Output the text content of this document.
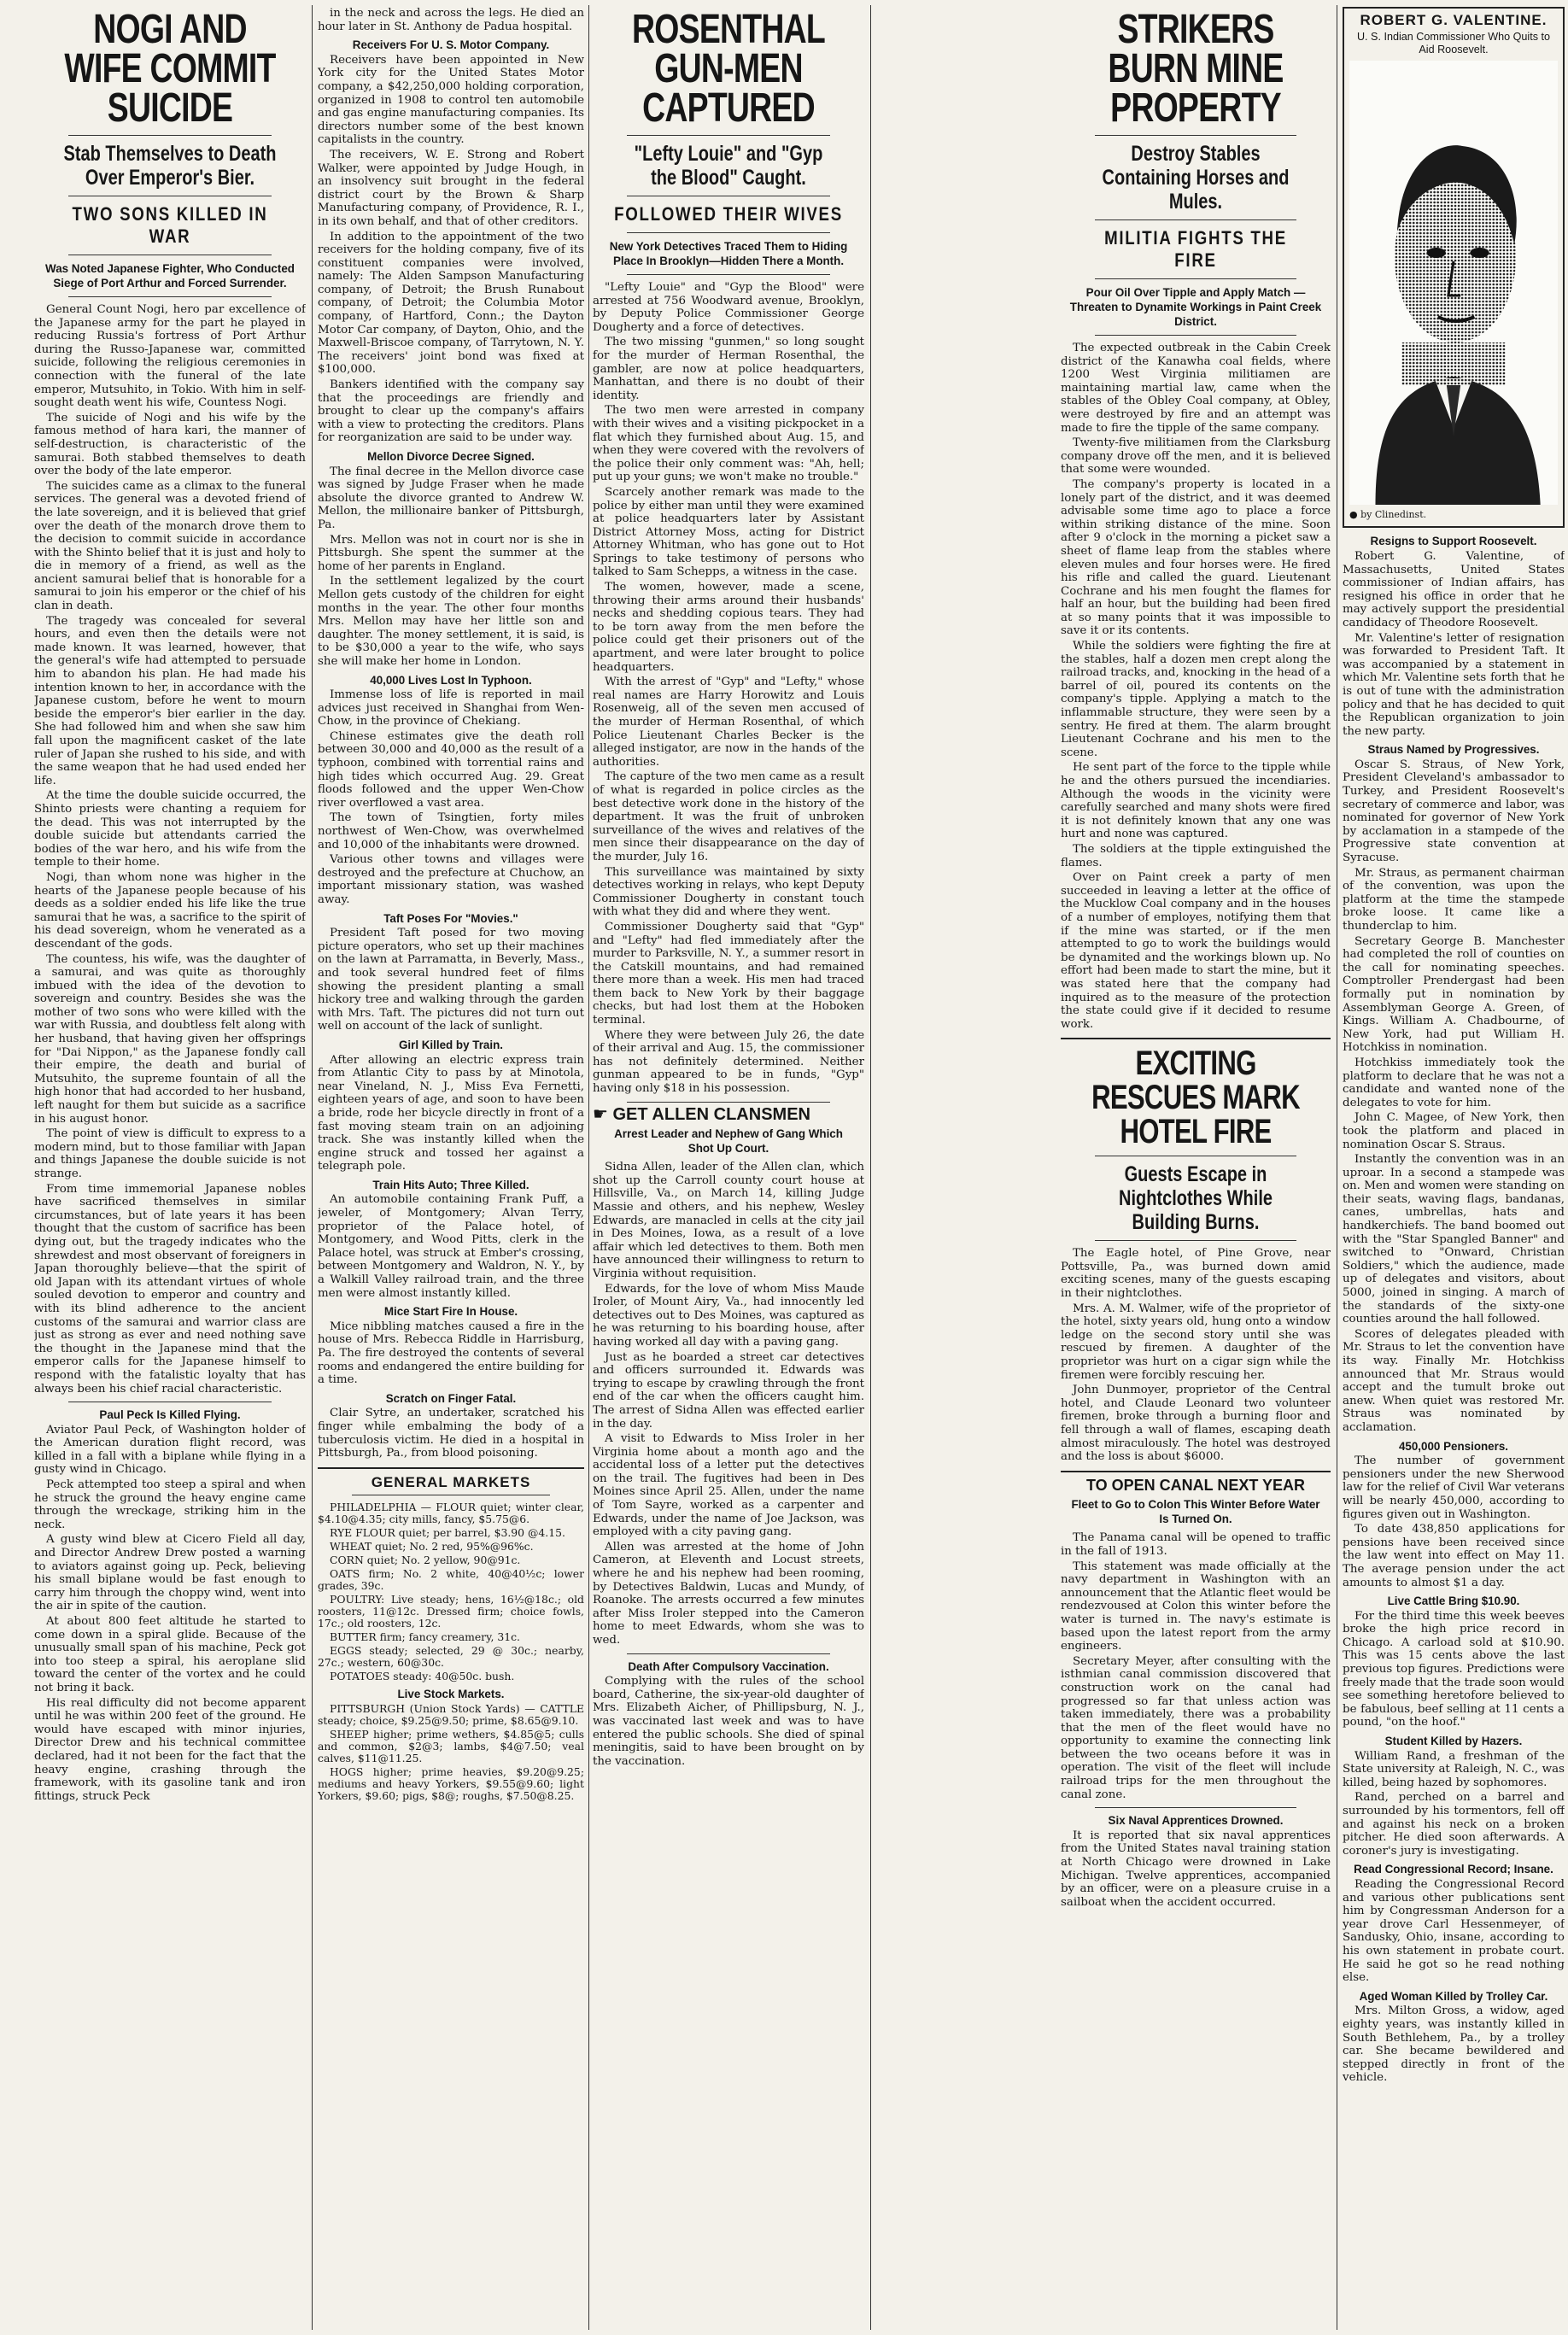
NOGI AND WIFE COMMIT SUICIDE
Stab Themselves to Death Over Emperor's Bier.
TWO SONS KILLED IN WAR
Was Noted Japanese Fighter, Who Conducted Siege of Port Arthur and Forced Surrender.

General Count Nogi, hero par excellence of the Japanese army for the part he played in reducing Russia's fortress of Port Arthur during the Russo-Japanese war, committed suicide, following the religious ceremonies in connection with the funeral of the late emperor, Mutsuhito, in Tokio. With him in self-sought death went his wife, Countess Nogi.

The suicide of Nogi and his wife by the famous method of hara kari, the manner of self-destruction, is characteristic of the samurai. Both stabbed themselves to death over the body of the late emperor.

The suicides came as a climax to the funeral services. The general was a devoted friend of the late sovereign, and it is believed that grief over the death of the monarch drove them to the decision to commit suicide in accordance with the Shinto belief that it is just and holy to die in memory of a friend, as well as the ancient samurai belief that is honorable for a samurai to join his emperor or the chief of his clan in death.

The tragedy was concealed for several hours, and even then the details were not made known. It was learned, however, that the general's wife had attempted to persuade him to abandon his plan. He had made his intention known to her, in accordance with the Japanese custom, before he went to mourn beside the emperor's bier earlier in the day. She had followed him and when she saw him fall upon the magnificent casket of the late ruler of Japan she rushed to his side, and with the same weapon that he had used ended her life.

At the time the double suicide occurred, the Shinto priests were chanting a requiem for the dead. This was not interrupted by the double suicide but attendants carried the bodies of the war hero, and his wife from the temple to their home.

Nogi, than whom none was higher in the hearts of the Japanese people because of his deeds as a soldier ended his life like the true samurai that he was, a sacrifice to the spirit of his dead sovereign, whom he venerated as a descendant of the gods.

The countess, his wife, was the daughter of a samurai, and was quite as thoroughly imbued with the idea of the devotion to sovereign and country. Besides she was the mother of two sons who were killed with the war with Russia, and doubtless felt along with her husband, that having given her offsprings for "Dai Nippon," as the Japanese fondly call their empire, the death and burial of Mutsuhito, the supreme fountain of all the high honor that had accorded to her husband, left naught for them but suicide as a sacrifice in his august honor.

The point of view is difficult to express to a modern mind, but to those familiar with Japan and things Japanese the double suicide is not strange.

From time immemorial Japanese nobles have sacrificed themselves in similar circumstances, but of late years it has been thought that the custom of sacrifice has been dying out, but the tragedy indicates who the shrewdest and most observant of foreigners in Japan thoroughly believe—that the spirit of old Japan with its attendant virtues of whole souled devotion to emperor and country and with its blind adherence to the ancient customs of the samurai and warrior class are just as strong as ever and need nothing save the thought in the Japanese mind that the emperor calls for the Japanese himself to respond with the fatalistic loyalty that has always been his chief racial characteristic.

Paul Peck Is Killed Flying.

Aviator Paul Peck, of Washington holder of the American duration flight record, was killed in a fall with a biplane while flying in a gusty wind in Chicago.

Peck attempted too steep a spiral and when he struck the ground the heavy engine came through the wreckage, striking him in the neck.

A gusty wind blew at Cicero Field all day, and Director Andrew Drew posted a warning to aviators against going up. Peck, believing his small biplane would be fast enough to carry him through the choppy wind, went into the air in spite of the caution.

At about 800 feet altitude he started to come down in a spiral glide. Because of the unusually small span of his machine, Peck got into too steep a spiral, his aeroplane slid toward the center of the vortex and he could not bring it back.

His real difficulty did not become apparent until he was within 200 feet of the ground. He would have escaped with minor injuries, Director Drew and his technical committee declared, had it not been for the fact that the heavy engine, crashing through the framework, with its gasoline tank and iron fittings, struck Peck

in the neck and across the legs. He died an hour later in St. Anthony de Padua hospital.

Receivers For U. S. Motor Company.

Receivers have been appointed in New York city for the United States Motor company, a $42,250,000 holding corporation, organized in 1908 to control ten automobile and gas engine manufacturing companies. Its directors number some of the best known capitalists in the country.

The receivers, W. E. Strong and Robert Walker, were appointed by Judge Hough, in an insolvency suit brought in the federal district court by the Brown & Sharp Manufacturing company, of Providence, R. I., in its own behalf, and that of other creditors.

In addition to the appointment of the two receivers for the holding company, five of its constituent companies were involved, namely: The Alden Sampson Manufacturing company, of Detroit; the Brush Runabout company, of Detroit; the Columbia Motor company, of Hartford, Conn.; the Dayton Motor Car company, of Dayton, Ohio, and the Maxwell-Briscoe company, of Tarrytown, N. Y. The receivers' joint bond was fixed at $100,000.

Bankers identified with the company say that the proceedings are friendly and brought to clear up the company's affairs with a view to protecting the creditors. Plans for reorganization are said to be under way.

Mellon Divorce Decree Signed.

The final decree in the Mellon divorce case was signed by Judge Fraser when he made absolute the divorce granted to Andrew W. Mellon, the millionaire banker of Pittsburgh, Pa.

Mrs. Mellon was not in court nor is she in Pittsburgh. She spent the summer at the home of her parents in England.

In the settlement legalized by the court Mellon gets custody of the children for eight months in the year. The other four months Mrs. Mellon may have her little son and daughter. The money settlement, it is said, is to be $30,000 a year to the wife, who says she will make her home in London.

40,000 Lives Lost In Typhoon.

Immense loss of life is reported in mail advices just received in Shanghai from Wen-Chow, in the province of Chekiang.

Chinese estimates give the death roll between 30,000 and 40,000 as the result of a typhoon, combined with torrential rains and high tides which occurred Aug. 29. Great floods followed and the upper Wen-Chow river overflowed a vast area.

The town of Tsingtien, forty miles northwest of Wen-Chow, was overwhelmed and 10,000 of the inhabitants were drowned.

Various other towns and villages were destroyed and the prefecture at Chuchow, an important missionary station, was washed away.

Taft Poses For "Movies."

President Taft posed for two moving picture operators, who set up their machines on the lawn at Parramatta, in Beverly, Mass., and took several hundred feet of films showing the president planting a small hickory tree and walking through the garden with Mrs. Taft. The pictures did not turn out well on account of the lack of sunlight.

Girl Killed by Train.

After allowing an electric express train from Atlantic City to pass by at Minotola, near Vineland, N. J., Miss Eva Fernetti, eighteen years of age, and soon to have been a bride, rode her bicycle directly in front of a fast moving steam train on an adjoining track. She was instantly killed when the engine struck and tossed her against a telegraph pole.

Train Hits Auto; Three Killed.

An automobile containing Frank Puff, a jeweler, of Montgomery; Alvan Terry, proprietor of the Palace hotel, of Montgomery, and Wood Pitts, clerk in the Palace hotel, was struck at Ember's crossing, between Montgomery and Waldron, N. Y., by a Walkill Valley railroad train, and the three men were almost instantly killed.

Mice Start Fire In House.

Mice nibbling matches caused a fire in the house of Mrs. Rebecca Riddle in Harrisburg, Pa. The fire destroyed the contents of several rooms and endangered the entire building for a time.

Scratch on Finger Fatal.

Clair Sytre, an undertaker, scratched his finger while embalming the body of a tuberculosis victim. He died in a hospital in Pittsburgh, Pa., from blood poisoning.

GENERAL MARKETS

PHILADELPHIA — FLOUR quiet; winter clear, $4.10@4.35; city mills, fancy, $5.75@6.

RYE FLOUR quiet; per barrel, $3.90 @4.15.

WHEAT quiet; No. 2 red, 95%@96%c.

CORN quiet; No. 2 yellow, 90@91c.

OATS firm; No. 2 white, 40@40½c; lower grades, 39c.

POULTRY: Live steady; hens, 16½@18c.; old roosters, 11@12c. Dressed firm; choice fowls, 17c.; old roosters, 12c.

BUTTER firm; fancy creamery, 31c.

EGGS steady; selected, 29 @ 30c.; nearby, 27c.; western, 60@30c.

POTATOES steady: 40@50c. bush.

Live Stock Markets.

PITTSBURGH (Union Stock Yards) — CATTLE steady; choice, $9.25@9.50; prime, $8.65@9.10.

SHEEP higher; prime wethers, $4.85@5; culls and common, $2@3; lambs, $4@7.50; veal calves, $11@11.25.

HOGS higher; prime heavies, $9.20@9.25; mediums and heavy Yorkers, $9.55@9.60; light Yorkers, $9.60; pigs, $8@; roughs, $7.50@8.25.

ROSENTHAL GUN-MEN CAPTURED
"Lefty Louie" and "Gyp the Blood" Caught.
FOLLOWED THEIR WIVES
New York Detectives Traced Them to Hiding Place In Brooklyn—Hidden There a Month.

"Lefty Louie" and "Gyp the Blood" were arrested at 756 Woodward avenue, Brooklyn, by Deputy Police Commissioner George Dougherty and a force of detectives.

The two missing "gunmen," so long sought for the murder of Herman Rosenthal, the gambler, are now at police headquarters, Manhattan, and there is no doubt of their identity.

The two men were arrested in company with their wives and a visiting pickpocket in a flat which they furnished about Aug. 15, and when they were covered with the revolvers of the police their only comment was: "Ah, hell; put up your guns; we won't make no trouble."

Scarcely another remark was made to the police by either man until they were examined at police headquarters later by Assistant District Attorney Moss, acting for District Attorney Whitman, who has gone out to Hot Springs to take testimony of persons who talked to Sam Schepps, a witness in the case.

The women, however, made a scene, throwing their arms around their husbands' necks and shedding copious tears. They had to be torn away from the men before the police could get their prisoners out of the apartment, and were later brought to police headquarters.

With the arrest of "Gyp" and "Lefty," whose real names are Harry Horowitz and Louis Rosenweig, all of the seven men accused of the murder of Herman Rosenthal, of which Police Lieutenant Charles Becker is the alleged instigator, are now in the hands of the authorities.

The capture of the two men came as a result of what is regarded in police circles as the best detective work done in the history of the department. It was the fruit of unbroken surveillance of the wives and relatives of the men since their disappearance on the day of the murder, July 16.

This surveillance was maintained by sixty detectives working in relays, who kept Deputy Commissioner Dougherty in constant touch with what they did and where they went.

Commissioner Dougherty said that "Gyp" and "Lefty" had fled immediately after the murder to Parksville, N. Y., a summer resort in the Catskill mountains, and had remained there more than a week. His men had traced them back to New York by their baggage checks, but had lost them at the Hoboken terminal.

Where they were between July 26, the date of their arrival and Aug. 15, the commissioner has not definitely determined. Neither gunman appeared to be in funds, "Gyp" having only $18 in his possession.

☛ GET ALLEN CLANSMEN
Arrest Leader and Nephew of Gang Which Shot Up Court.

Sidna Allen, leader of the Allen clan, which shot up the Carroll county court house at Hillsville, Va., on March 14, killing Judge Massie and others, and his nephew, Wesley Edwards, are manacled in cells at the city jail in Des Moines, Iowa, as a result of a love affair which led detectives to them. Both men have announced their willingness to return to Virginia without requisition.

Edwards, for the love of whom Miss Maude Iroler, of Mount Airy, Va., had innocently led detectives out to Des Moines, was captured as he was returning to his boarding house, after having worked all day with a paving gang.

Just as he boarded a street car detectives and officers surrounded it. Edwards was trying to escape by crawling through the front end of the car when the officers caught him. The arrest of Sidna Allen was effected earlier in the day.

A visit to Edwards to Miss Iroler in her Virginia home about a month ago and the accidental loss of a letter put the detectives on the trail. The fugitives had been in Des Moines since April 25. Allen, under the name of Tom Sayre, worked as a carpenter and Edwards, under the name of Joe Jackson, was employed with a city paving gang.

Allen was arrested at the home of John Cameron, at Eleventh and Locust streets, where he and his nephew had been rooming, by Detectives Baldwin, Lucas and Mundy, of Roanoke. The arrests occurred a few minutes after Miss Iroler stepped into the Cameron home to meet Edwards, whom she was to wed.

Death After Compulsory Vaccination.

Complying with the rules of the school board, Catherine, the six-year-old daughter of Mrs. Elizabeth Aicher, of Phillipsburg, N. J., was vaccinated last week and was to have entered the public schools. She died of spinal meningitis, said to have been brought on by the vaccination.

STRIKERS BURN MINE PROPERTY
Destroy Stables Containing Horses and Mules.
MILITIA FIGHTS THE FIRE
Pour Oil Over Tipple and Apply Match — Threaten to Dynamite Workings in Paint Creek District.

The expected outbreak in the Cabin Creek district of the Kanawha coal fields, where 1200 West Virginia militiamen are maintaining martial law, came when the stables of the Obley Coal company, at Obley, were destroyed by fire and an attempt was made to fire the tipple of the same company.

Twenty-five militiamen from the Clarksburg company drove off the men, and it is believed that some were wounded.

The company's property is located in a lonely part of the district, and it was deemed advisable some time ago to place a force within striking distance of the mine. Soon after 9 o'clock in the morning a picket saw a sheet of flame leap from the stables where eleven mules and four horses were. He fired his rifle and called the guard. Lieutenant Cochrane and his men fought the flames for half an hour, but the building had been fired at so many points that it was impossible to save it or its contents.

While the soldiers were fighting the fire at the stables, half a dozen men crept along the railroad tracks, and, knocking in the head of a barrel of oil, poured its contents on the company's tipple. Applying a match to the inflammable structure, they were seen by a sentry. He fired at them. The alarm brought Lieutenant Cochrane and his men to the scene.

He sent part of the force to the tipple while he and the others pursued the incendiaries. Although the woods in the vicinity were carefully searched and many shots were fired it is not definitely known that any one was hurt and none was captured.

The soldiers at the tipple extinguished the flames.

Over on Paint creek a party of men succeeded in leaving a letter at the office of the Mucklow Coal company and in the houses of a number of employes, notifying them that if the mine was started, or if the men attempted to go to work the buildings would be dynamited and the workings blown up. No effort had been made to start the mine, but it was stated here that the company had inquired as to the measure of the protection the state could give if it decided to resume work.

EXCITING RESCUES MARK HOTEL FIRE
Guests Escape in Nightclothes While Building Burns.

The Eagle hotel, of Pine Grove, near Pottsville, Pa., was burned down amid exciting scenes, many of the guests escaping in their nightclothes.

Mrs. A. M. Walmer, wife of the proprietor of the hotel, sixty years old, hung onto a window ledge on the second story until she was rescued by firemen. A daughter of the proprietor was hurt on a cigar sign while the firemen were forcibly rescuing her.

John Dunmoyer, proprietor of the Central hotel, and Claude Leonard two volunteer firemen, broke through a burning floor and fell through a wall of flames, escaping death almost miraculously. The hotel was destroyed and the loss is about $6000.

TO OPEN CANAL NEXT YEAR
Fleet to Go to Colon This Winter Before Water Is Turned On.

The Panama canal will be opened to traffic in the fall of 1913.

This statement was made officially at the navy department in Washington with an announcement that the Atlantic fleet would be rendezvoused at Colon this winter before the water is turned in. The navy's estimate is based upon the latest report from the army engineers.

Secretary Meyer, after consulting with the isthmian canal commission discovered that construction work on the canal had progressed so far that unless action was taken immediately, there was a probability that the men of the fleet would have no opportunity to examine the connecting link between the two oceans before it was in operation. The visit of the fleet will include railroad trips for the men throughout the canal zone.

Six Naval Apprentices Drowned.

It is reported that six naval apprentices from the United States naval training station at North Chicago were drowned in Lake Michigan. Twelve apprentices, accompanied by an officer, were on a pleasure cruise in a sailboat when the accident occurred.

ROBERT G. VALENTINE.
U. S. Indian Commissioner Who Quits to Aid Roosevelt.
● by Clinedinst.
Resigns to Support Roosevelt.

Robert G. Valentine, of Massachusetts, United States commissioner of Indian affairs, has resigned his office in order that he may actively support the presidential candidacy of Theodore Roosevelt.

Mr. Valentine's letter of resignation was forwarded to President Taft. It was accompanied by a statement in which Mr. Valentine sets forth that he is out of tune with the administration policy and that he has decided to quit the Republican organization to join the new party.

Straus Named by Progressives.

Oscar S. Straus, of New York, President Cleveland's ambassador to Turkey, and President Roosevelt's secretary of commerce and labor, was nominated for governor of New York by acclamation in a stampede of the Progressive state convention at Syracuse.

Mr. Straus, as permanent chairman of the convention, was upon the platform at the time the stampede broke loose. It came like a thunderclap to him.

Secretary George B. Manchester had completed the roll of counties on the call for nominating speeches. Comptroller Prendergast had been formally put in nomination by Assemblyman George A. Green, of Kings. William A. Chadbourne, of New York, had put William H. Hotchkiss in nomination.

Hotchkiss immediately took the platform to declare that he was not a candidate and wanted none of the delegates to vote for him.

John C. Magee, of New York, then took the platform and placed in nomination Oscar S. Straus.

Instantly the convention was in an uproar. In a second a stampede was on. Men and women were standing on their seats, waving flags, bandanas, canes, umbrellas, hats and handkerchiefs. The band boomed out with the "Star Spangled Banner" and switched to "Onward, Christian Soldiers," which the audience, made up of delegates and visitors, about 5000, joined in singing. A march of the standards of the sixty-one counties around the hall followed.

Scores of delegates pleaded with Mr. Straus to let the convention have its way. Finally Mr. Hotchkiss announced that Mr. Straus would accept and the tumult broke out anew. When quiet was restored Mr. Straus was nominated by acclamation.

450,000 Pensioners.

The number of government pensioners under the new Sherwood law for the relief of Civil War veterans will be nearly 450,000, according to figures given out in Washington.

To date 438,850 applications for pensions have been received since the law went into effect on May 11. The average pension under the act amounts to almost $1 a day.

Live Cattle Bring $10.90.

For the third time this week beeves broke the high price record in Chicago. A carload sold at $10.90. This was 15 cents above the last previous top figures. Predictions were freely made that the trade soon would see something heretofore believed to be fabulous, beef selling at 11 cents a pound, "on the hoof."

Student Killed by Hazers.

William Rand, a freshman of the State university at Raleigh, N. C., was killed, being hazed by sophomores.

Rand, perched on a barrel and surrounded by his tormentors, fell off and against his neck on a broken pitcher. He died soon afterwards. A coroner's jury is investigating.

Read Congressional Record; Insane.

Reading the Congressional Record and various other publications sent him by Congressman Anderson for a year drove Carl Hessenmeyer, of Sandusky, Ohio, insane, according to his own statement in probate court. He said he got so he read nothing else.

Aged Woman Killed by Trolley Car.

Mrs. Milton Gross, a widow, aged eighty years, was instantly killed in South Bethlehem, Pa., by a trolley car. She became bewildered and stepped directly in front of the vehicle.
